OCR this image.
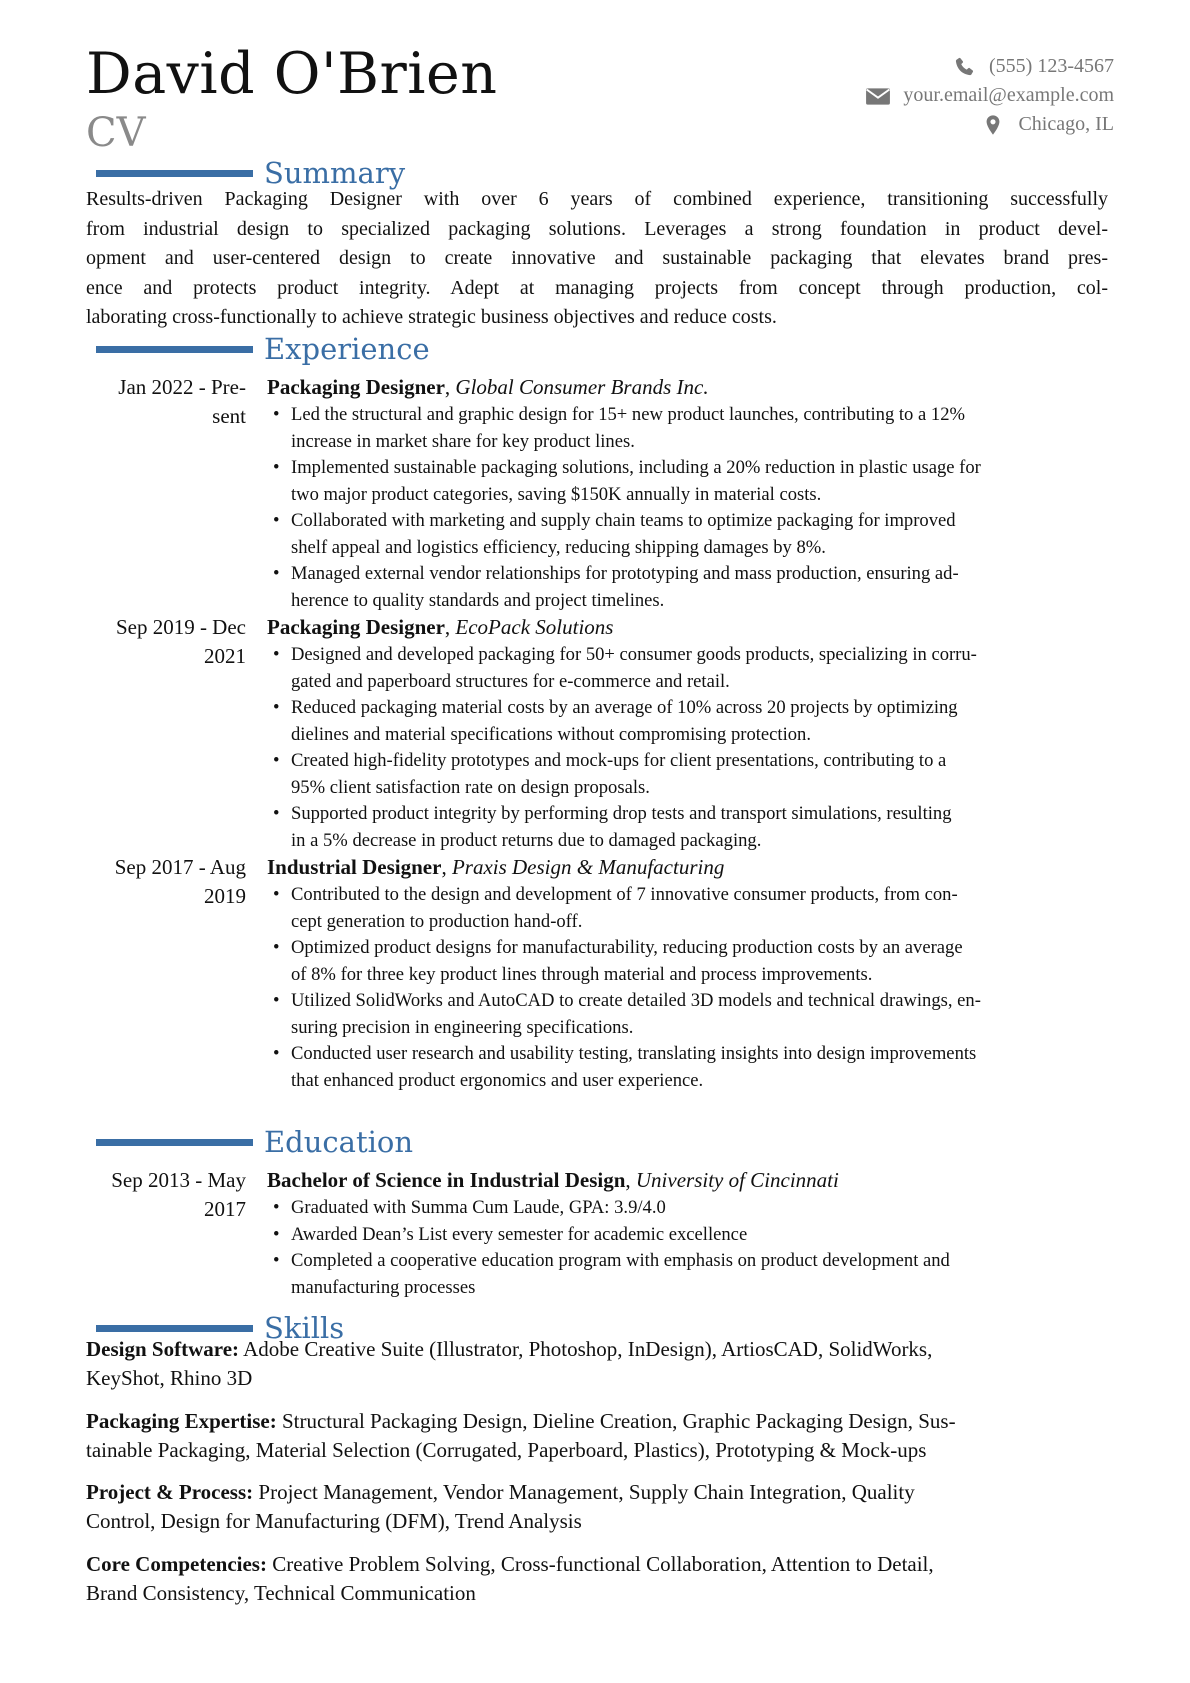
David O'Brien
CV
(555) 123-4567
your.email@example.com
Chicago, IL
Summary
Results-driven Packaging Designer with over 6 years of combined experience, transitioning successfully
from industrial design to specialized packaging solutions. Leverages a strong foundation in product devel-
opment and user-centered design to create innovative and sustainable packaging that elevates brand pres-
ence and protects product integrity. Adept at managing projects from concept through production, col-
laborating cross-functionally to achieve strategic business objectives and reduce costs.
Experience
Jan 2022 - Pre-
sent
Packaging Designer, Global Consumer Brands Inc.
• Led the structural and graphic design for 15+ new product launches, contributing to a 12%
increase in market share for key product lines.
• Implemented sustainable packaging solutions, including a 20% reduction in plastic usage for
two major product categories, saving $150K annually in material costs.
• Collaborated with marketing and supply chain teams to optimize packaging for improved
shelf appeal and logistics efficiency, reducing shipping damages by 8%.
• Managed external vendor relationships for prototyping and mass production, ensuring ad-
herence to quality standards and project timelines.
Sep 2019 - Dec
2021
Packaging Designer, EcoPack Solutions
• Designed and developed packaging for 50+ consumer goods products, specializing in corru-
gated and paperboard structures for e-commerce and retail.
• Reduced packaging material costs by an average of 10% across 20 projects by optimizing
dielines and material specifications without compromising protection.
• Created high-fidelity prototypes and mock-ups for client presentations, contributing to a
95% client satisfaction rate on design proposals.
• Supported product integrity by performing drop tests and transport simulations, resulting
in a 5% decrease in product returns due to damaged packaging.
Sep 2017 - Aug
2019
Industrial Designer, Praxis Design & Manufacturing
• Contributed to the design and development of 7 innovative consumer products, from con-
cept generation to production hand-off.
• Optimized product designs for manufacturability, reducing production costs by an average
of 8% for three key product lines through material and process improvements.
• Utilized SolidWorks and AutoCAD to create detailed 3D models and technical drawings, en-
suring precision in engineering specifications.
• Conducted user research and usability testing, translating insights into design improvements
that enhanced product ergonomics and user experience.
Education
Sep 2013 - May
2017
Bachelor of Science in Industrial Design, University of Cincinnati
• Graduated with Summa Cum Laude, GPA: 3.9/4.0
• Awarded Dean’s List every semester for academic excellence
• Completed a cooperative education program with emphasis on product development and
manufacturing processes
Skills
Design Software: Adobe Creative Suite (Illustrator, Photoshop, InDesign), ArtiosCAD, SolidWorks,
KeyShot, Rhino 3D
Packaging Expertise: Structural Packaging Design, Dieline Creation, Graphic Packaging Design, Sus-
tainable Packaging, Material Selection (Corrugated, Paperboard, Plastics), Prototyping & Mock-ups
Project & Process: Project Management, Vendor Management, Supply Chain Integration, Quality
Control, Design for Manufacturing (DFM), Trend Analysis
Core Competencies: Creative Problem Solving, Cross-functional Collaboration, Attention to Detail,
Brand Consistency, Technical Communication
